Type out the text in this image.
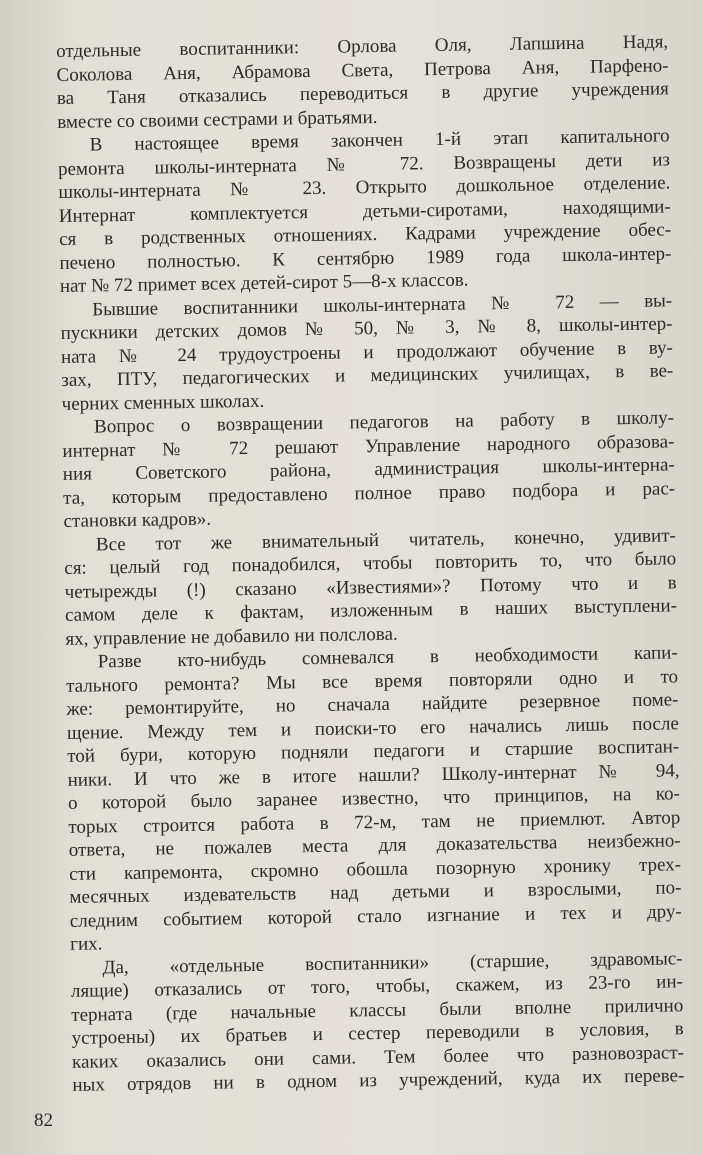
отдельные воспитанники: Орлова Оля, Лапшина Надя,
Соколова Аня, Абрамова Света, Петрова Аня, Парфено-
ва Таня отказались переводиться в другие учреждения
вместе со своими сестрами и братьями.
В настоящее время закончен 1-й этап капитального
ремонта школы-интерната № 72. Возвращены дети из
школы-интерната № 23. Открыто дошкольное отделение.
Интернат комплектуется детьми-сиротами, находящими-
ся в родственных отношениях. Кадрами учреждение обес-
печено полностью. К сентябрю 1989 года школа-интер-
нат № 72 примет всех детей-сирот 5—8-х классов.
Бывшие воспитанники школы-интерната № 72 — вы-
пускники детских домов № 50, № 3, № 8, школы-интер-
ната № 24 трудоустроены и продолжают обучение в ву-
зах, ПТУ, педагогических и медицинских училищах, в ве-
черних сменных школах.
Вопрос о возвращении педагогов на работу в школу-
интернат № 72 решают Управление народного образова-
ния Советского района, администрация школы-интерна-
та, которым предоставлено полное право подбора и рас-
становки кадров».
Все тот же внимательный читатель, конечно, удивит-
ся: целый год понадобился, чтобы повторить то, что было
четырежды (!) сказано «Известиями»? Потому что и в
самом деле к фактам, изложенным в наших выступлени-
ях, управление не добавило ни полслова.
Разве кто-нибудь сомневался в необходимости капи-
тального ремонта? Мы все время повторяли одно и то
же: ремонтируйте, но сначала найдите резервное поме-
щение. Между тем и поиски-то его начались лишь после
той бури, которую подняли педагоги и старшие воспитан-
ники. И что же в итоге нашли? Школу-интернат № 94,
о которой было заранее известно, что принципов, на ко-
торых строится работа в 72-м, там не приемлют. Автор
ответа, не пожалев места для доказательства неизбежно-
сти капремонта, скромно обошла позорную хронику трех-
месячных издевательств над детьми и взрослыми, по-
следним событием которой стало изгнание и тех и дру-
гих.
Да, «отдельные воспитанники» (старшие, здравомыс-
лящие) отказались от того, чтобы, скажем, из 23-го ин-
терната (где начальные классы были вполне прилично
устроены) их братьев и сестер переводили в условия, в
каких оказались они сами. Тем более что разновозраст-
ных отрядов ни в одном из учреждений, куда их переве-
82
